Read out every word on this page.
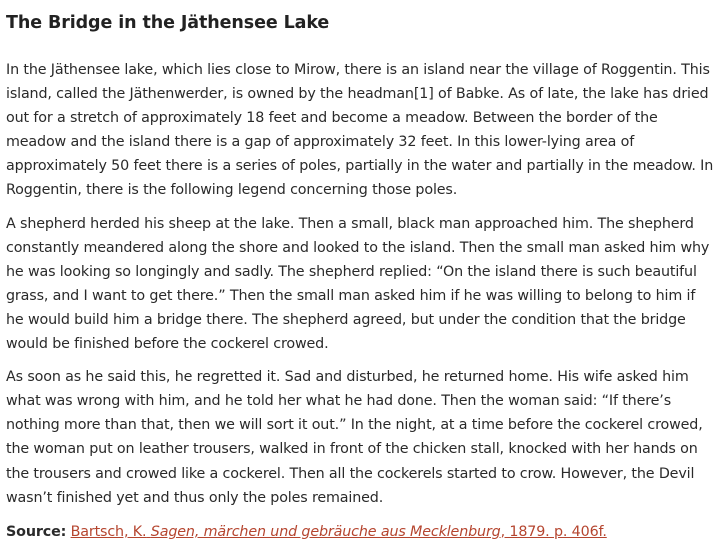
The Bridge in the Jäthensee Lake

In the Jäthensee lake, which lies close to Mirow, there is an island near the village of Roggentin. This island, called the Jäthenwerder, is owned by the headman[1] of Babke. As of late, the lake has dried out for a stretch of approximately 18 feet and become a meadow. Between the border of the meadow and the island there is a gap of approximately 32 feet. In this lower-lying area of approximately 50 feet there is a series of poles, partially in the water and partially in the meadow. In Roggentin, there is the following legend concerning those poles.

A shepherd herded his sheep at the lake. Then a small, black man approached him. The shepherd constantly meandered along the shore and looked to the island. Then the small man asked him why he was looking so longingly and sadly. The shepherd replied: “On the island there is such beautiful grass, and I want to get there.” Then the small man asked him if he was willing to belong to him if he would build him a bridge there. The shepherd agreed, but under the condition that the bridge would be finished before the cockerel crowed.

As soon as he said this, he regretted it. Sad and disturbed, he returned home. His wife asked him what was wrong with him, and he told her what he had done. Then the woman said: “If there’s nothing more than that, then we will sort it out.” In the night, at a time before the cockerel crowed, the woman put on leather trousers, walked in front of the chicken stall, knocked with her hands on the trousers and crowed like a cockerel. Then all the cockerels started to crow. However, the Devil wasn’t finished yet and thus only the poles remained.

Source: Bartsch, K. Sagen, märchen und gebräuche aus Mecklenburg, 1879. p. 406f.
